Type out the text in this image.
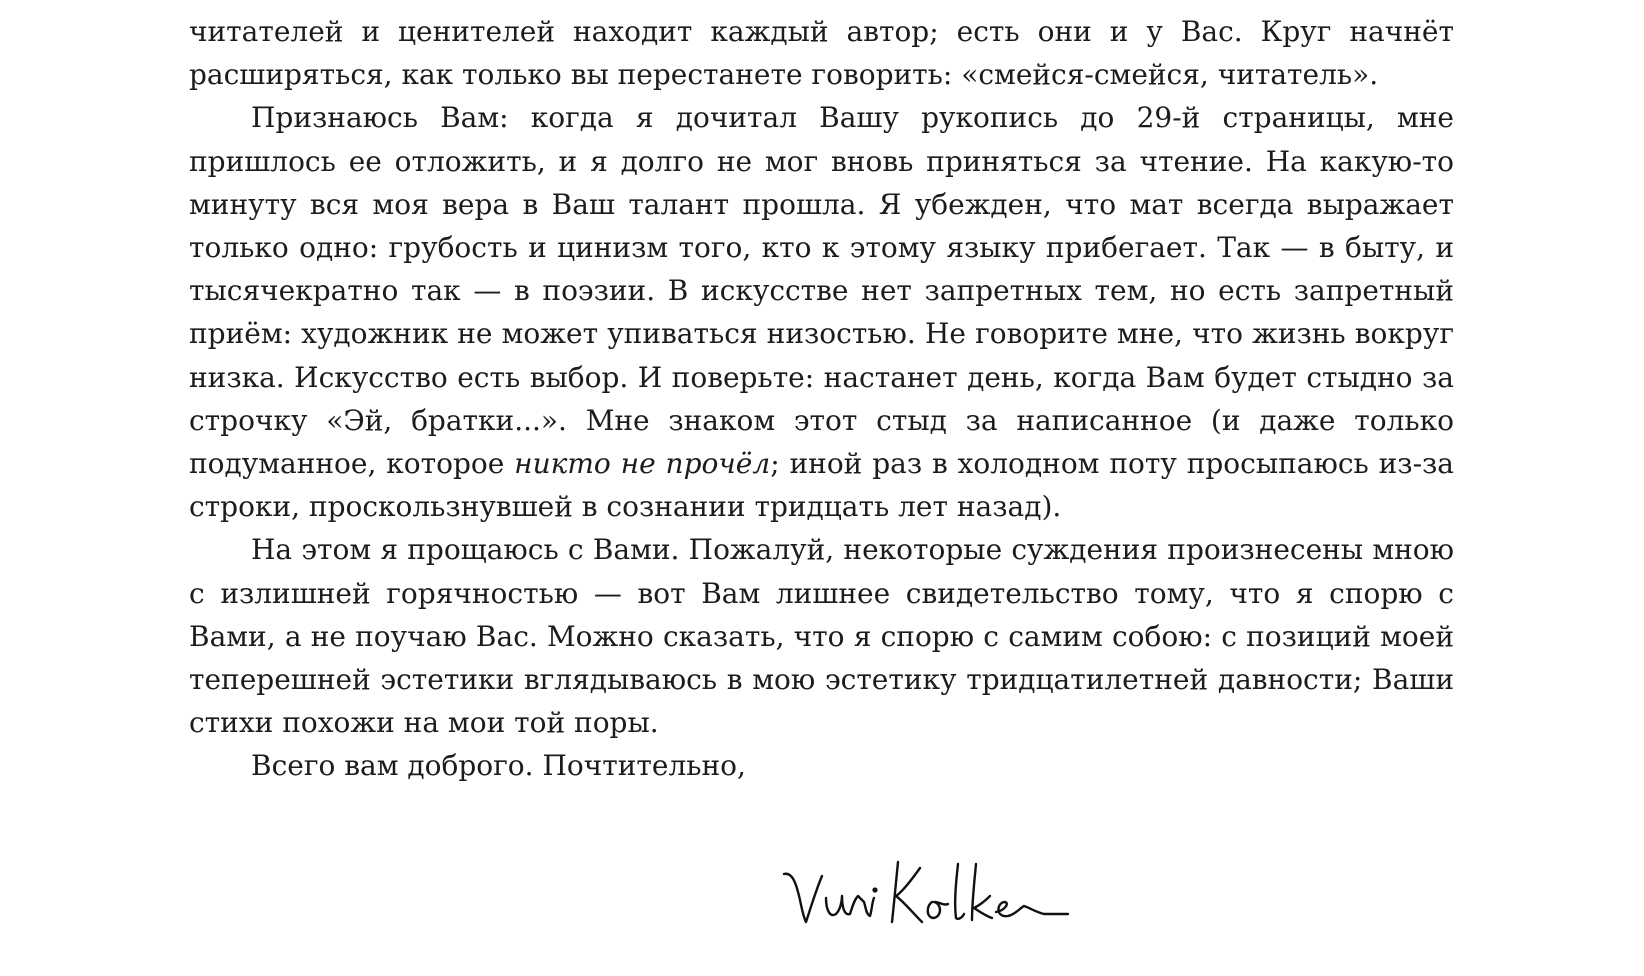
читателей и ценителей находит каждый автор; есть они и у Вас. Круг начнёт расширяться, как только вы перестанете говорить: «смейся-смейся, читатель».

Признаюсь Вам: когда я дочитал Вашу рукопись до 29-й страницы, мне пришлось ее отложить, и я долго не мог вновь приняться за чтение. На какую-то минуту вся моя вера в Ваш талант прошла. Я убежден, что мат всегда выражает только одно: грубость и цинизм того, кто к этому языку прибегает. Так — в быту, и тысячекратно так — в поэзии. В искусстве нет запретных тем, но есть запретный приём: художник не может упиваться низостью. Не говорите мне, что жизнь вокруг низка. Искусство есть выбор. И поверьте: настанет день, когда Вам будет стыдно за строчку «Эй, братки...». Мне знаком этот стыд за написанное (и даже только подуманное, которое никто не прочёл; иной раз в холодном поту просыпаюсь из-за строки, проскользнувшей в сознании тридцать лет назад).

На этом я прощаюсь с Вами. Пожалуй, некоторые суждения произнесены мною с излишней горячностью — вот Вам лишнее свидетельство тому, что я спорю с Вами, а не поучаю Вас. Можно сказать, что я спорю с самим собою: с позиций моей теперешней эстетики вглядываюсь в мою эстетику тридцатилетней давности; Ваши стихи похожи на мои той поры.

Всего вам доброго. Почтительно,
